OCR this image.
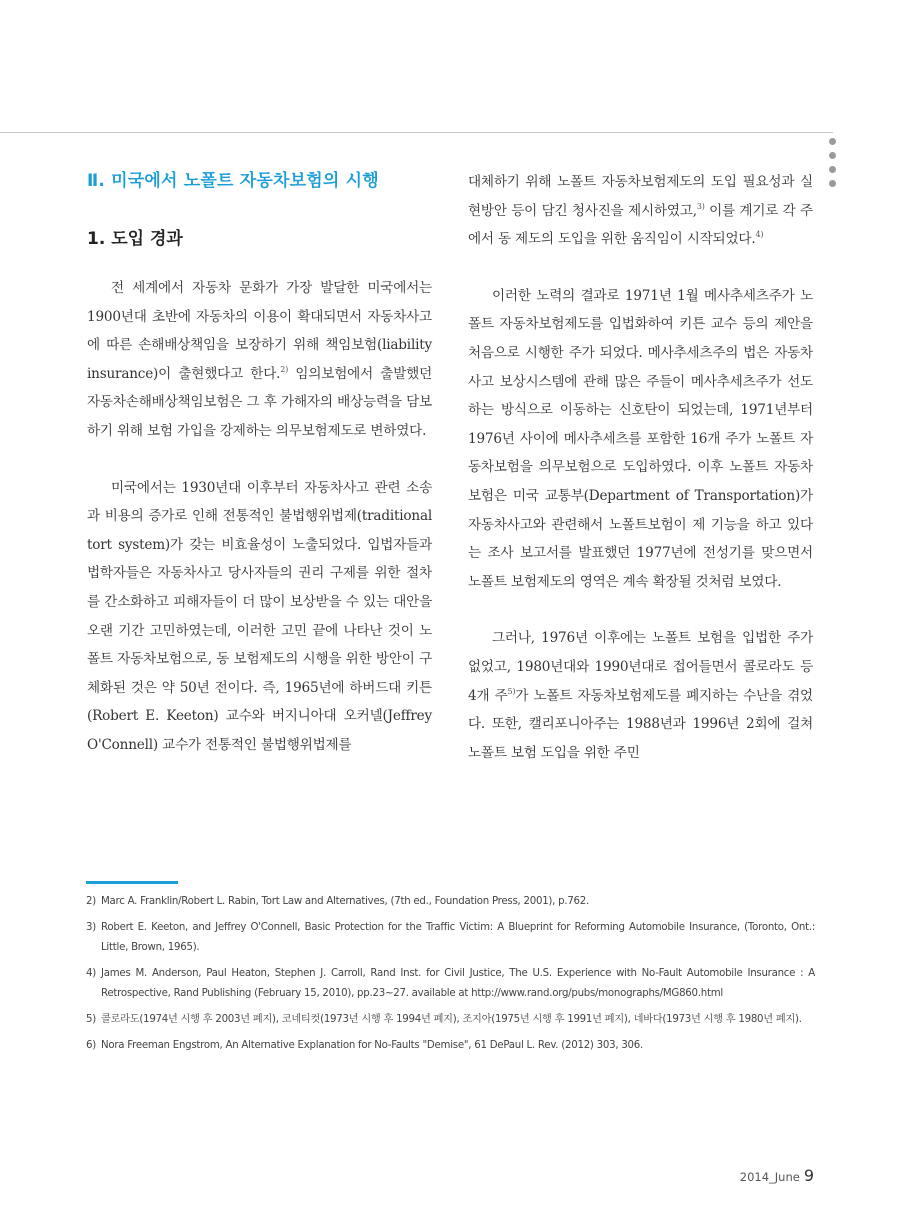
Ⅱ. 미국에서 노폴트 자동차보험의 시행
1. 도입 경과

전 세계에서 자동차 문화가 가장 발달한 미국에서는 1900년대 초반에 자동차의 이용이 확대되면서 자동차사고에 따른 손해배상책임을 보장하기 위해 책임보험(liability insurance)이 출현했다고 한다.$^{2)}$ 임의보험에서 출발했던 자동차손해배상책임보험은 그 후 가해자의 배상능력을 담보하기 위해 보험 가입을 강제하는 의무보험제도로 변하였다.

미국에서는 1930년대 이후부터 자동차사고 관련 소송과 비용의 증가로 인해 전통적인 불법행위법제(traditional tort system)가 갖는 비효율성이 노출되었다. 입법자들과 법학자들은 자동차사고 당사자들의 권리 구제를 위한 절차를 간소화하고 피해자들이 더 많이 보상받을 수 있는 대안을 오랜 기간 고민하였는데, 이러한 고민 끝에 나타난 것이 노폴트 자동차보험으로, 동 보험제도의 시행을 위한 방안이 구체화된 것은 약 50년 전이다. 즉, 1965년에 하버드대 키튼(Robert E. Keeton) 교수와 버지니아대 오커넬(Jeffrey O'Connell) 교수가 전통적인 불법행위법제를

대체하기 위해 노폴트 자동차보험제도의 도입 필요성과 실현방안 등이 담긴 청사진을 제시하였고,$^{3)}$ 이를 계기로 각 주에서 동 제도의 도입을 위한 움직임이 시작되었다.$^{4)}$

이러한 노력의 결과로 1971년 1월 메사추세츠주가 노폴트 자동차보험제도를 입법화하여 키튼 교수 등의 제안을 처음으로 시행한 주가 되었다. 메사추세츠주의 법은 자동차사고 보상시스템에 관해 많은 주들이 메사추세츠주가 선도하는 방식으로 이동하는 신호탄이 되었는데, 1971년부터 1976년 사이에 메사추세츠를 포함한 16개 주가 노폴트 자동차보험을 의무보험으로 도입하였다. 이후 노폴트 자동차보험은 미국 교통부(Department of Transportation)가 자동차사고와 관련해서 노폴트보험이 제 기능을 하고 있다는 조사 보고서를 발표했던 1977년에 전성기를 맞으면서 노폴트 보험제도의 영역은 계속 확장될 것처럼 보였다.

그러나, 1976년 이후에는 노폴트 보험을 입법한 주가 없었고, 1980년대와 1990년대로 접어들면서 콜로라도 등 4개 주$^{5)}$가 노폴트 자동차보험제도를 폐지하는 수난을 겪었다. 또한, 캘리포니아주는 1988년과 1996년 2회에 걸쳐 노폴트 보험 도입을 위한 주민

2) Marc A. Franklin/Robert L. Rabin, Tort Law and Alternatives, (7th ed., Foundation Press, 2001), p.762.
3) Robert E. Keeton, and Jeffrey O'Connell, Basic Protection for the Traffic Victim: A Blueprint for Reforming Automobile Insurance, (Toronto, Ont.: Little, Brown, 1965).
4) James M. Anderson, Paul Heaton, Stephen J. Carroll, Rand Inst. for Civil Justice, The U.S. Experience with No-Fault Automobile Insurance : A Retrospective, Rand Publishing (February 15, 2010), pp.23~27. available at http://www.rand.org/pubs/monographs/MG860.html
5) 콜로라도(1974년 시행 후 2003년 폐지), 코네티컷(1973년 시행 후 1994년 폐지), 조지아(1975년 시행 후 1991년 폐지), 네바다(1973년 시행 후 1980년 폐지).
6) Nora Freeman Engstrom, An Alternative Explanation for No-Faults "Demise", 61 DePaul L. Rev. (2012) 303, 306.
2014_June 9
